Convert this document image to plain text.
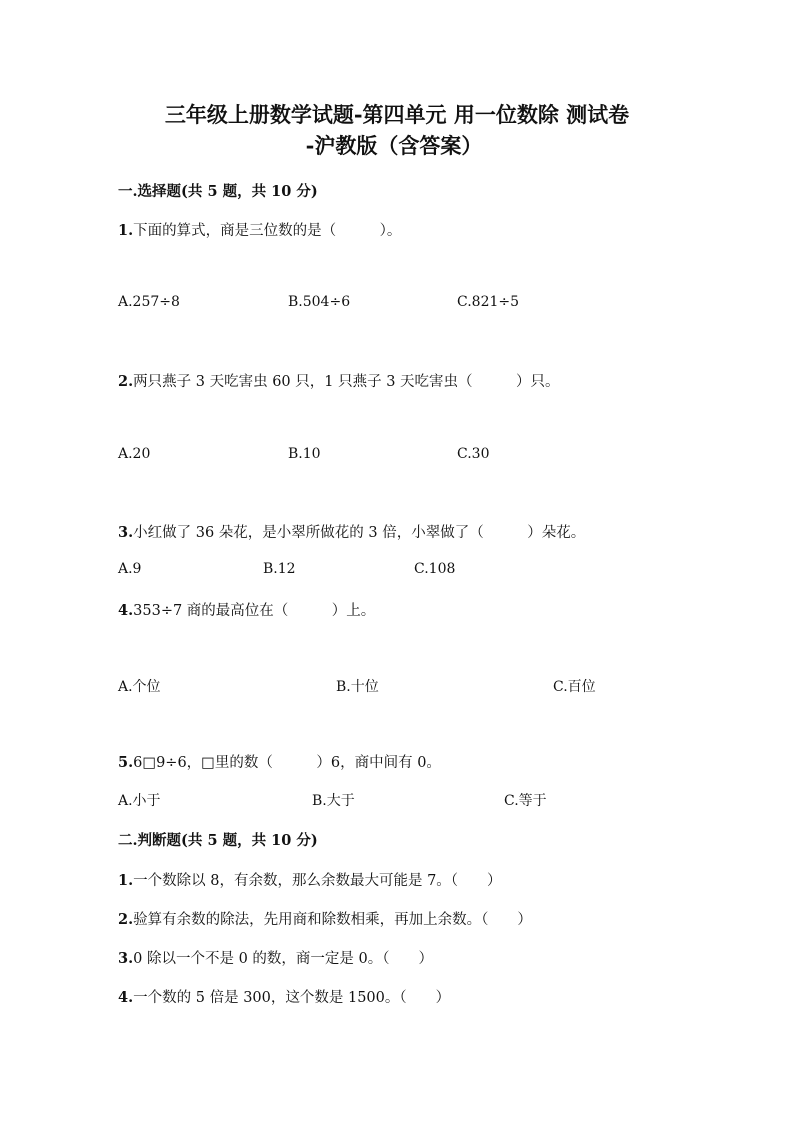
三年级上册数学试题-第四单元 用一位数除 测试卷
-沪教版（含答案）
一.选择题(共 5 题，共 10 分)
1.下面的算式，商是三位数的是（　　　）。
A.257÷8	B.504÷6	C.821÷5
2.两只燕子 3 天吃害虫 60 只，1 只燕子 3 天吃害虫（　　　）只。
A.20	B.10	C.30
3.小红做了 36 朵花，是小翠所做花的 3 倍，小翠做了（　　　）朵花。
A.9	B.12	C.108
4.353÷7 商的最高位在（　　　）上。
A.个位	B.十位	C.百位
5.6□9÷6，□里的数（　　　）6，商中间有 0。
A.小于	B.大于	C.等于
二.判断题(共 5 题，共 10 分)
1.一个数除以 8，有余数，那么余数最大可能是 7。（　　）
2.验算有余数的除法，先用商和除数相乘，再加上余数。（　　）
3.0 除以一个不是 0 的数，商一定是 0。（　　）
4.一个数的 5 倍是 300，这个数是 1500。（　　）
